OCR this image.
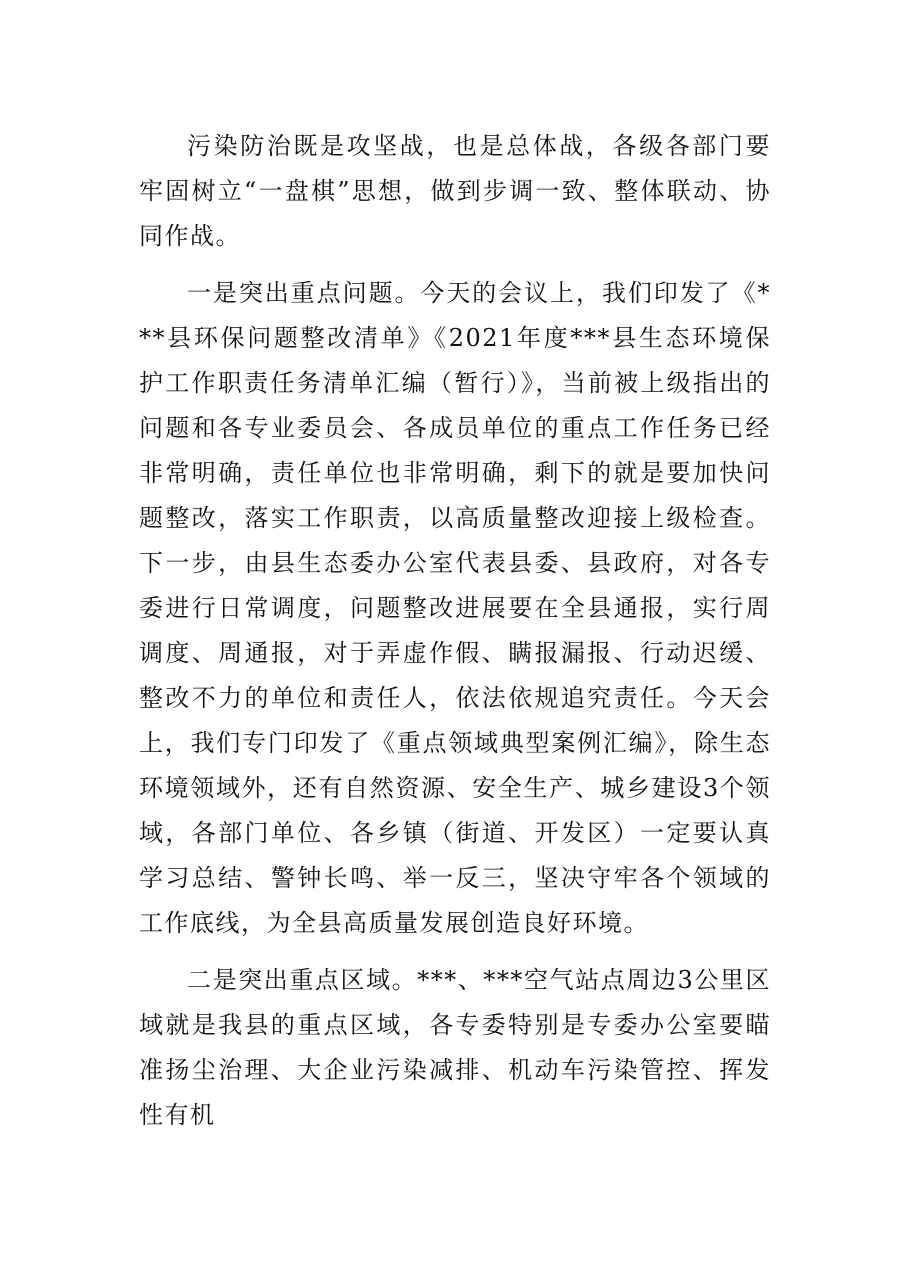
污染防治既是攻坚战，也是总体战，各级各部门要牢固树立“一盘棋”思想，做到步调一致、整体联动、协同作战。

一是突出重点问题。今天的会议上，我们印发了《***县环保问题整改清单》《2021年度***县生态环境保护工作职责任务清单汇编（暂行）》，当前被上级指出的问题和各专业委员会、各成员单位的重点工作任务已经非常明确，责任单位也非常明确，剩下的就是要加快问题整改，落实工作职责，以高质量整改迎接上级检查。下一步，由县生态委办公室代表县委、县政府，对各专委进行日常调度，问题整改进展要在全县通报，实行周调度、周通报，对于弄虚作假、瞒报漏报、行动迟缓、整改不力的单位和责任人，依法依规追究责任。今天会上，我们专门印发了《重点领域典型案例汇编》，除生态环境领域外，还有自然资源、安全生产、城乡建设3个领域，各部门单位、各乡镇（街道、开发区）一定要认真学习总结、警钟长鸣、举一反三，坚决守牢各个领域的工作底线，为全县高质量发展创造良好环境。

二是突出重点区域。***、***空气站点周边3公里区域就是我县的重点区域，各专委特别是专委办公室要瞄准扬尘治理、大企业污染减排、机动车污染管控、挥发性有机
